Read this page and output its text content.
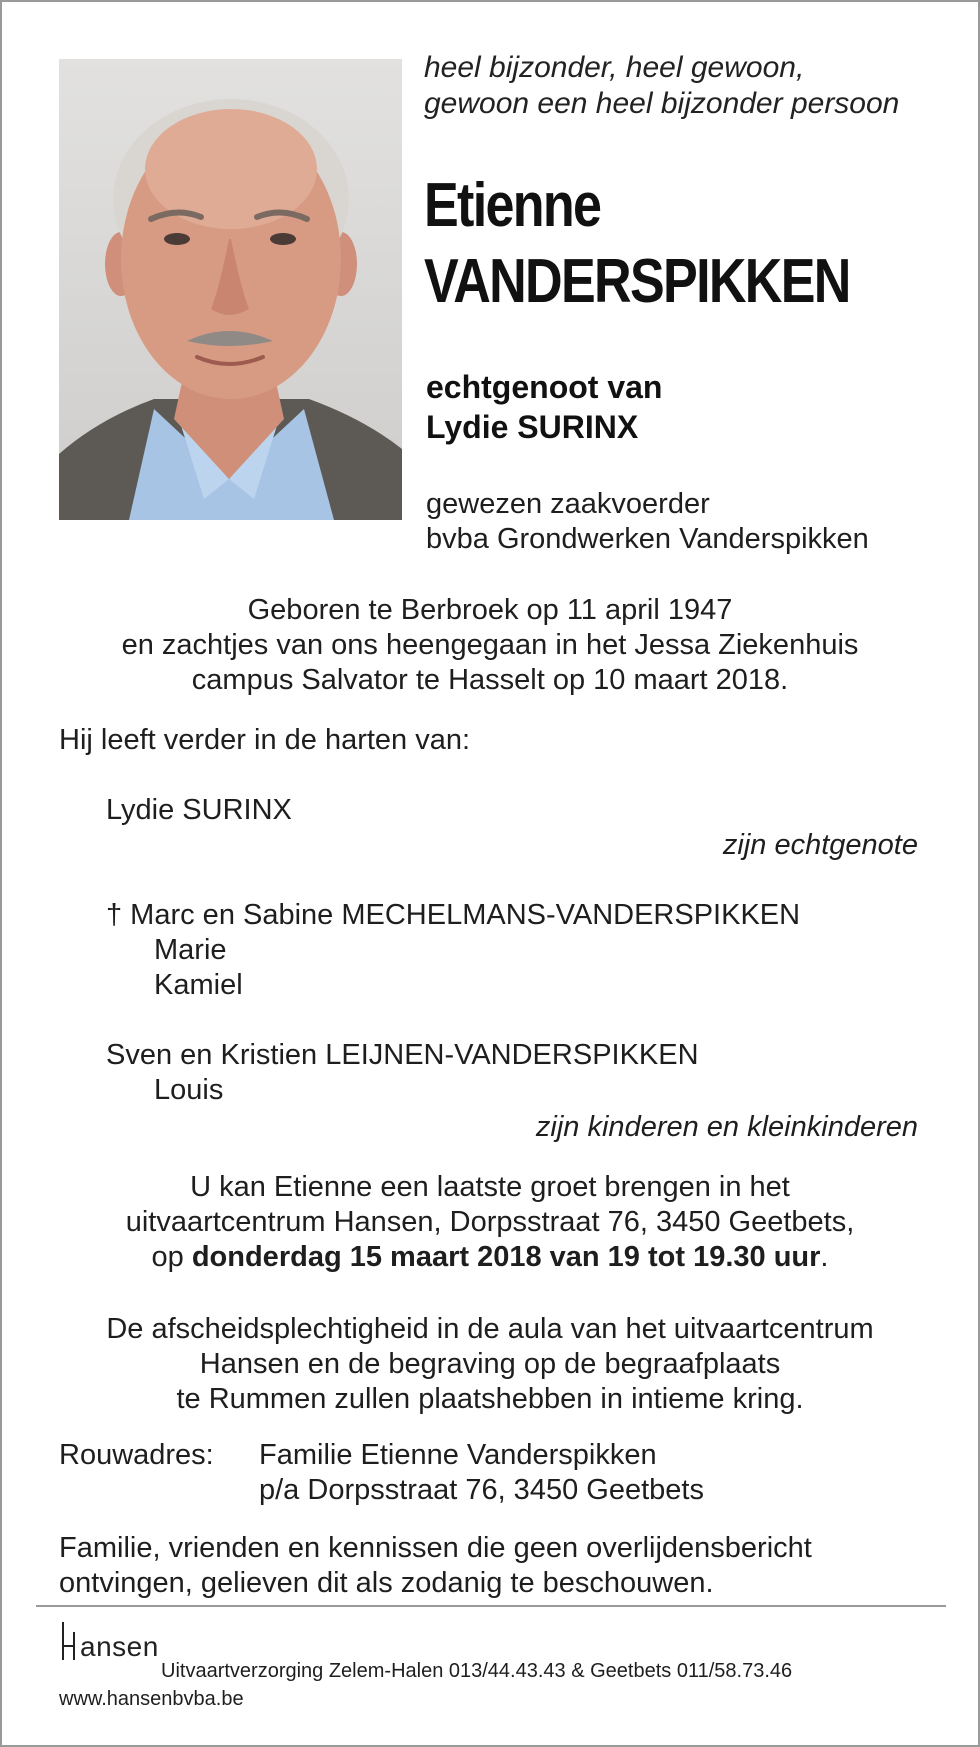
heel bijzonder, heel gewoon,
gewoon een heel bijzonder persoon
Etienne
VANDERSPIKKEN
echtgenoot van
Lydie SURINX
gewezen zaakvoerder
bvba Grondwerken Vanderspikken
Geboren te Berbroek op 11 april 1947
en zachtjes van ons heengegaan in het Jessa Ziekenhuis
campus Salvator te Hasselt op 10 maart 2018.
Hij leeft verder in de harten van:
Lydie SURINX
zijn echtgenote
† Marc en Sabine MECHELMANS-VANDERSPIKKEN
Marie
Kamiel
Sven en Kristien LEIJNEN-VANDERSPIKKEN
Louis
zijn kinderen en kleinkinderen
U kan Etienne een laatste groet brengen in het
uitvaartcentrum Hansen, Dorpsstraat 76, 3450 Geetbets,
op donderdag 15 maart 2018 van 19 tot 19.30 uur.
De afscheidsplechtigheid in de aula van het uitvaartcentrum
Hansen en de begraving op de begraafplaats
te Rummen zullen plaatshebben in intieme kring.
Rouwadres: Familie Etienne Vanderspikken
p/a Dorpsstraat 76, 3450 Geetbets
Familie, vrienden en kennissen die geen overlijdensbericht
ontvingen, gelieven dit als zodanig te beschouwen.
ansen
Uitvaartverzorging Zelem-Halen 013/44.43.43 & Geetbets 011/58.73.46
www.hansenbvba.be
